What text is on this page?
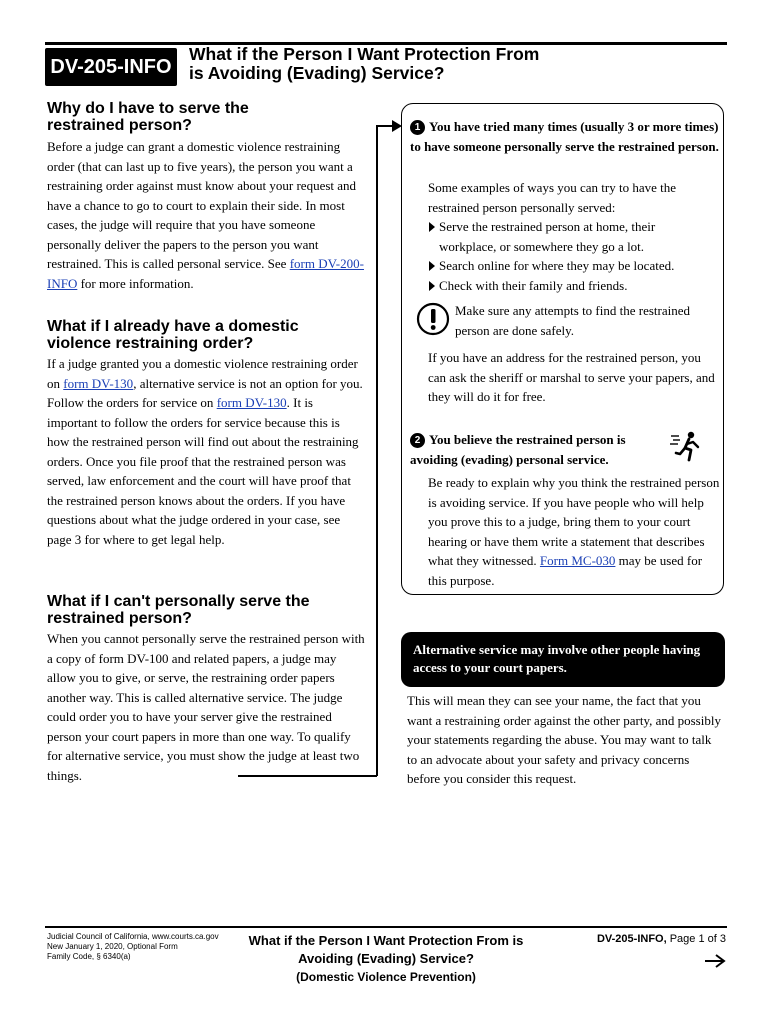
DV-205-INFO
What if the Person I Want Protection From
is Avoiding (Evading) Service?
Why do I have to serve the
restrained person?

Before a judge can grant a domestic violence restraining order (that can last up to five years), the person you want a restraining order against must know about your request and have a chance to go to court to explain their side. In most cases, the judge will require that you have someone personally deliver the papers to the person you want restrained. This is called personal service. See form DV-200-INFO for more information.

What if I already have a domestic
violence restraining order?

If a judge granted you a domestic violence restraining order on form DV-130, alternative service is not an option for you. Follow the orders for service on form DV-130. It is important to follow the orders for service because this is how the restrained person will find out about the restraining orders. Once you file proof that the restrained person was served, law enforcement and the court will have proof that the restrained person knows about the orders. If you have questions about what the judge ordered in your case, see page 3 for where to get legal help.

What if I can't personally serve the
restrained person?

When you cannot personally serve the restrained person with a copy of form DV-100 and related papers, a judge may allow you to give, or serve, the restraining order papers another way. This is called alternative service. The judge could order you to have your server give the restrained person your court papers in more than one way. To qualify for alternative service, you must show the judge at least two things.

1 You have tried many times (usually 3 or more times) to have someone personally serve the restrained person.

Some examples of ways you can try to have the restrained person personally served:

Serve the restrained person at home, their workplace, or somewhere they go a lot.
Search online for where they may be located.
Check with their family and friends.

Make sure any attempts to find the restrained person are done safely.

If you have an address for the restrained person, you can ask the sheriff or marshal to serve your papers, and they will do it for free.

2 You believe the restrained person is avoiding (evading) personal service.

Be ready to explain why you think the restrained person is avoiding service. If you have people who will help you prove this to a judge, bring them to your court hearing or have them write a statement that describes what they witnessed. Form MC-030 may be used for this purpose.

Alternative service may involve other people having access to your court papers.

This will mean they can see your name, the fact that you want a restraining order against the other party, and possibly your statements regarding the abuse. You may want to talk to an advocate about your safety and privacy concerns before you consider this request.

Judicial Council of California, www.courts.ca.gov
New January 1, 2020, Optional Form
Family Code, § 6340(a)
What if the Person I Want Protection From is
Avoiding (Evading) Service?
(Domestic Violence Prevention)
DV-205-INFO, Page 1 of 3
